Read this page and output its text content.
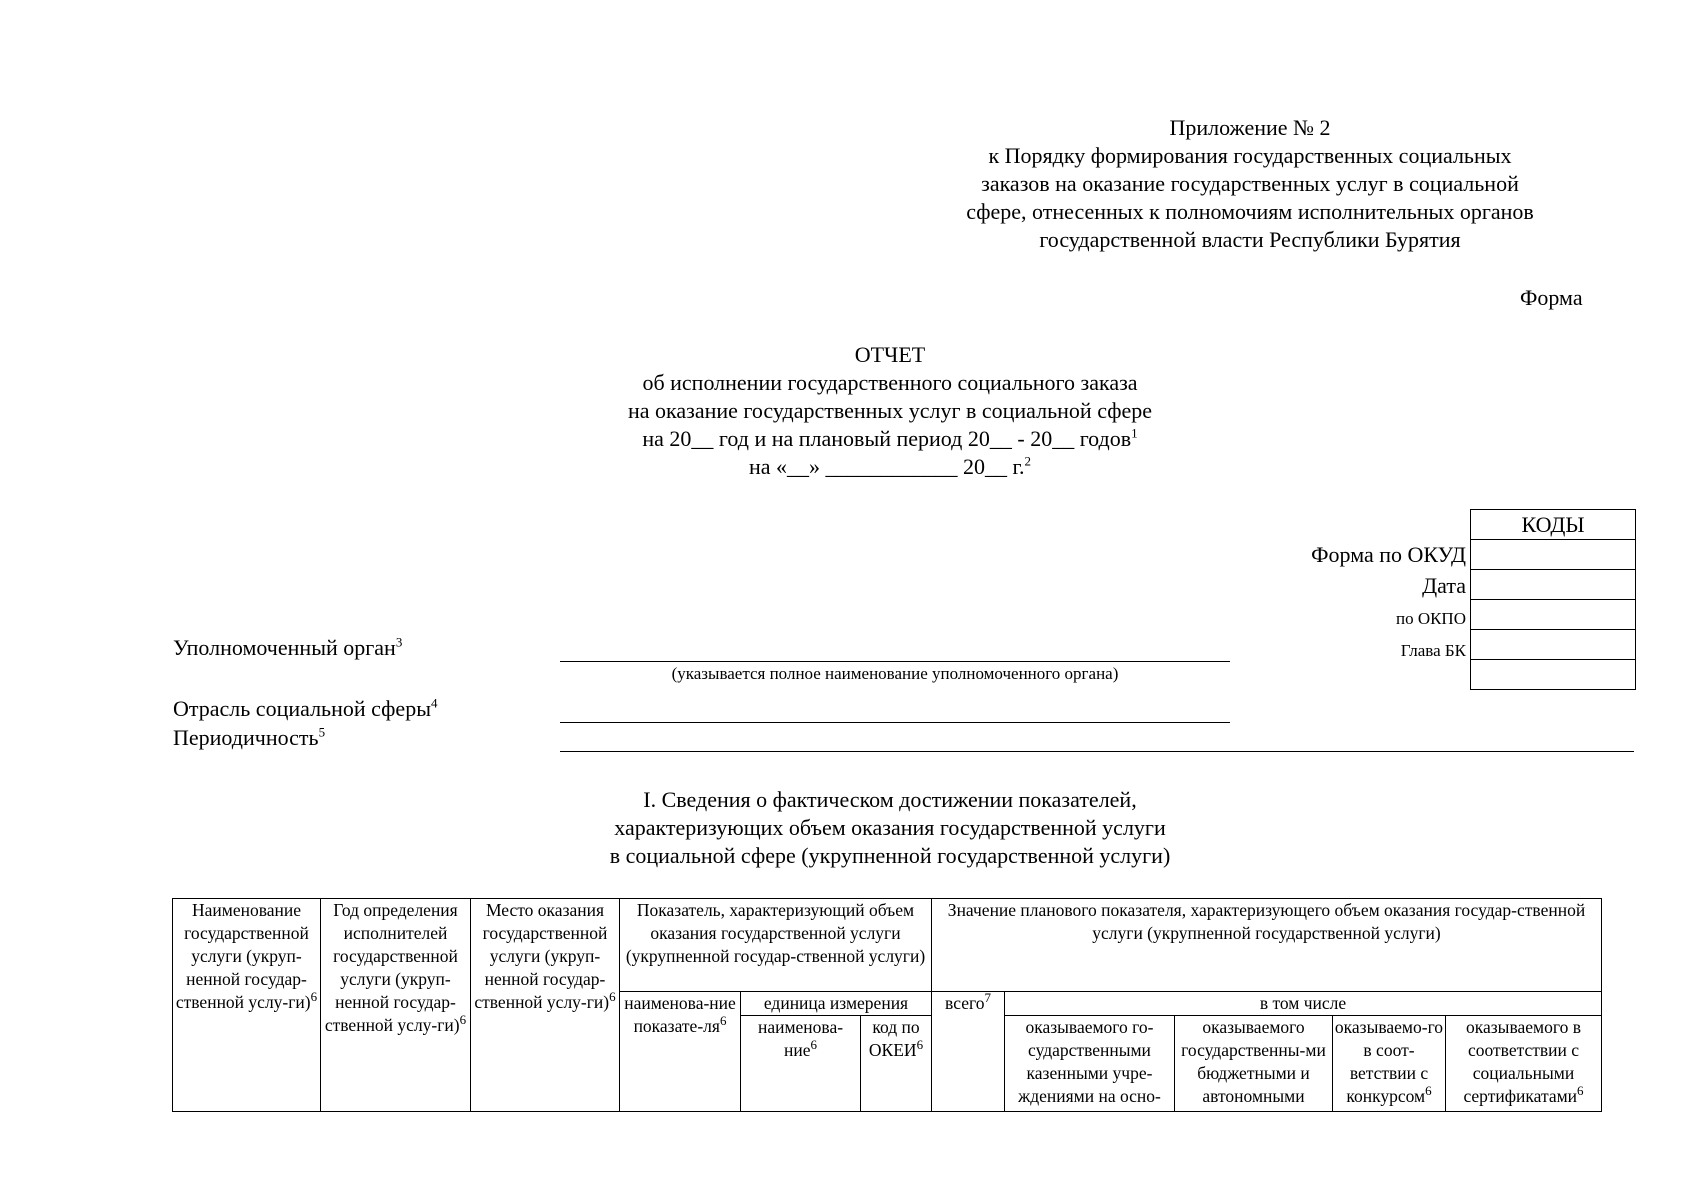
Приложение № 2
к Порядку формирования государственных социальных
заказов на оказание государственных услуг в социальной
сфере, отнесенных к полномочиям исполнительных органов
государственной власти Республики Бурятия
Форма
ОТЧЕТ
об исполнении государственного социального заказа
на оказание государственных услуг в социальной сфере
на 20__ год и на плановый период 20__ - 20__ годов$^1$
на «__» ____________ 20__ г.$^2$
КОДЫ

Форма по ОКУД
Дата
по ОКПО
Глава БК
Уполномоченный орган$^3$
(указывается полное наименование уполномоченного органа)
Отрасль социальной сферы$^4$
Периодичность$^5$
I. Сведения о фактическом достижении показателей,
характеризующих объем оказания государственной услуги
в социальной сфере (укрупненной государственной услуги)
Наименование государственной услуги (укруп-ненной государ-ственной услу-ги)$^6$	Год определения исполнителей государственной услуги (укруп-ненной государ-ственной услу-ги)$^6$	Место оказания государственной услуги (укруп-ненной государ-ственной услу-ги)$^6$	Показатель, характеризующий объем оказания государственной услуги (укрупненной государ-ственной услуги)			Значение планового показателя, характеризующего объем оказания государ-ственной услуги (укрупненной государственной услуги)				
			наименова-ние показате-$ля^6$	единица измерения		всего$^7$	в том числе			
				наименова-ние$^6$	код по ОКЕИ$^6$		оказываемого го-сударственными казенными учре-ждениями на осно-	оказываемого государственны-ми бюджетными и автономными	оказываемо-го в соот-ветствии с конкурсом$^6$	оказываемого в соответствии с социальными сертификатами$^6$
